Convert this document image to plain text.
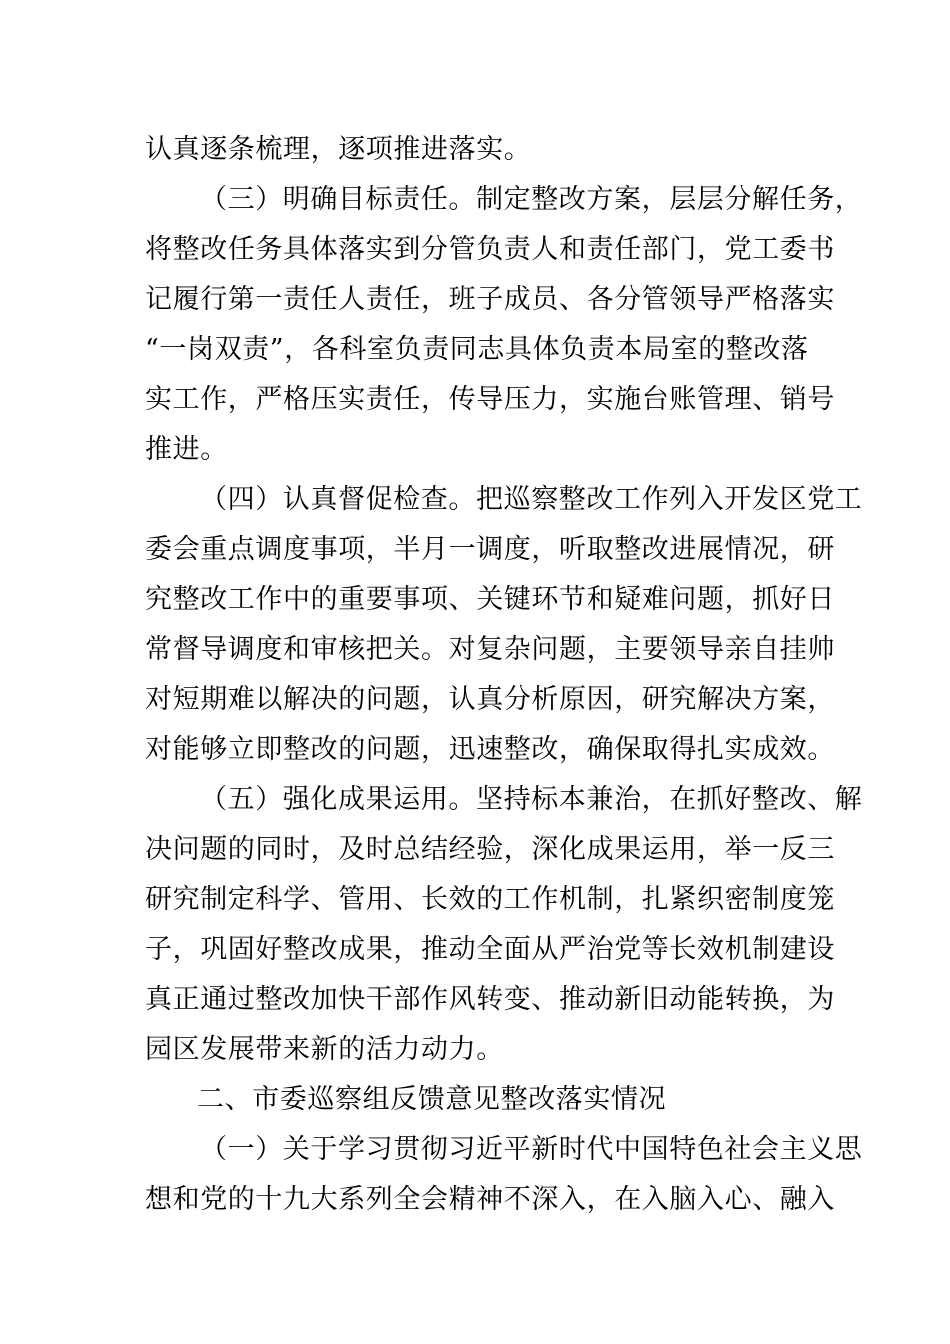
认真逐条梳理，逐项推进落实。
（三）明确目标责任。制定整改方案，层层分解任务，
将整改任务具体落实到分管负责人和责任部门，党工委书
记履行第一责任人责任，班子成员、各分管领导严格落实
“一岗双责”，各科室负责同志具体负责本局室的整改落
实工作，严格压实责任，传导压力，实施台账管理、销号
推进。
（四）认真督促检查。把巡察整改工作列入开发区党工
委会重点调度事项，半月一调度，听取整改进展情况，研
究整改工作中的重要事项、关键环节和疑难问题，抓好日
常督导调度和审核把关。对复杂问题，主要领导亲自挂帅
对短期难以解决的问题，认真分析原因，研究解决方案，
对能够立即整改的问题，迅速整改，确保取得扎实成效。
（五）强化成果运用。坚持标本兼治，在抓好整改、解
决问题的同时，及时总结经验，深化成果运用，举一反三
研究制定科学、管用、长效的工作机制，扎紧织密制度笼
子，巩固好整改成果，推动全面从严治党等长效机制建设
真正通过整改加快干部作风转变、推动新旧动能转换，为
园区发展带来新的活力动力。
二、市委巡察组反馈意见整改落实情况
（一）关于学习贯彻习近平新时代中国特色社会主义思
想和党的十九大系列全会精神不深入，在入脑入心、融入
